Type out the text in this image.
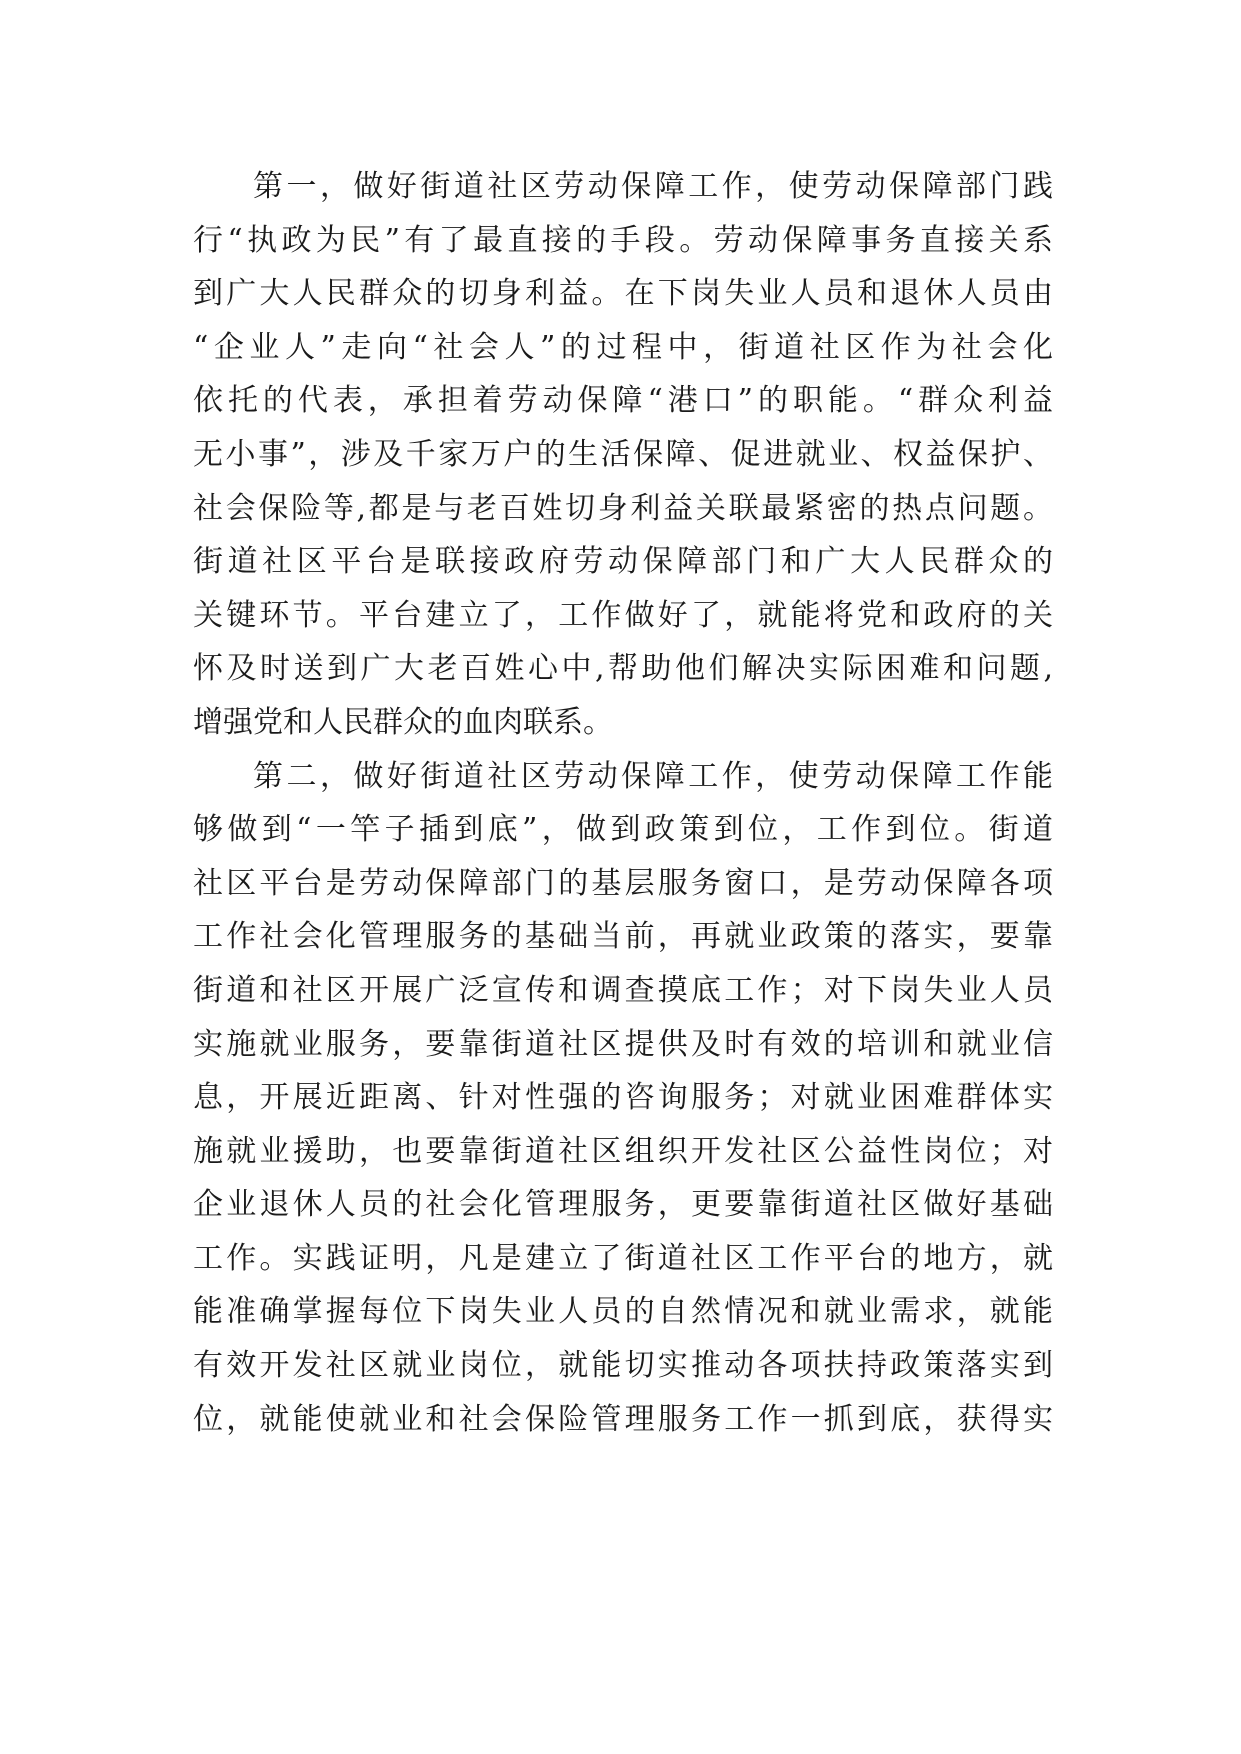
第一，做好街道社区劳动保障工作，使劳动保障部门践
行“执政为民”有了最直接的手段。劳动保障事务直接关系
到广大人民群众的切身利益。在下岗失业人员和退休人员由
“企业人”走向“社会人”的过程中，街道社区作为社会化
依托的代表，承担着劳动保障“港口”的职能。“群众利益
无小事”，涉及千家万户的生活保障、促进就业、权益保护、
社会保险等,都是与老百姓切身利益关联最紧密的热点问题。
街道社区平台是联接政府劳动保障部门和广大人民群众的
关键环节。平台建立了，工作做好了，就能将党和政府的关
怀及时送到广大老百姓心中,帮助他们解决实际困难和问题,
增强党和人民群众的血肉联系。
第二，做好街道社区劳动保障工作，使劳动保障工作能
够做到“一竿子插到底”，做到政策到位，工作到位。街道
社区平台是劳动保障部门的基层服务窗口，是劳动保障各项
工作社会化管理服务的基础当前，再就业政策的落实，要靠
街道和社区开展广泛宣传和调查摸底工作；对下岗失业人员
实施就业服务，要靠街道社区提供及时有效的培训和就业信
息，开展近距离、针对性强的咨询服务；对就业困难群体实
施就业援助，也要靠街道社区组织开发社区公益性岗位；对
企业退休人员的社会化管理服务，更要靠街道社区做好基础
工作。实践证明，凡是建立了街道社区工作平台的地方，就
能准确掌握每位下岗失业人员的自然情况和就业需求，就能
有效开发社区就业岗位，就能切实推动各项扶持政策落实到
位，就能使就业和社会保险管理服务工作一抓到底，获得实
